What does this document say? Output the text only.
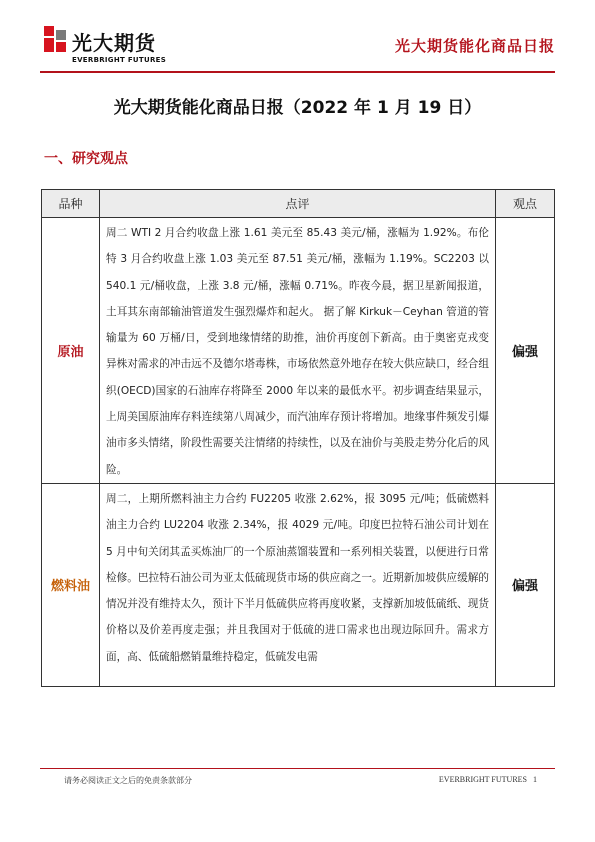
光大期货
EVERBRIGHT FUTURES
光大期货能化商品日报
光大期货能化商品日报（2022 年 1 月 19 日）
一、研究观点
品种	点评	观点
原油	周二 WTI 2 月合约收盘上涨 1.61 美元至 85.43 美元/桶，涨幅为 1.92%。布伦特 3 月合约收盘上涨 1.03 美元至 87.51 美元/桶，涨幅为 1.19%。SC2203 以 540.1 元/桶收盘，上涨 3.8 元/桶，涨幅 0.71%。昨夜今晨，据卫星新闻报道，土耳其东南部输油管道发生强烈爆炸和起火。 据了解 Kirkuk－Ceyhan 管道的管输量为 60 万桶/日，受到地缘情绪的助推，油价再度创下新高。由于奥密克戎变异株对需求的冲击远不及德尔塔毒株，市场依然意外地存在较大供应缺口，经合组织(OECD)国家的石油库存将降至 2000 年以来的最低水平。初步调查结果显示，上周美国原油库存料连续第八周减少，而汽油库存预计将增加。地缘事件频发引爆油市多头情绪，阶段性需要关注情绪的持续性，以及在油价与美股走势分化后的风险。	偏强
燃料油	周二，上期所燃料油主力合约 FU2205 收涨 2.62%，报 3095 元/吨；低硫燃料油主力合约 LU2204 收涨 2.34%，报 4029 元/吨。印度巴拉特石油公司计划在 5 月中旬关闭其孟买炼油厂的一个原油蒸馏装置和一系列相关装置，以便进行日常检修。巴拉特石油公司为亚太低硫现货市场的供应商之一。近期新加坡供应缓解的情况并没有维持太久，预计下半月低硫供应将再度收紧，支撑新加坡低硫纸、现货价格以及价差再度走强；并且我国对于低硫的进口需求也出现边际回升。需求方面，高、低硫船燃销量维持稳定，低硫发电需	偏强
请务必阅读正文之后的免责条款部分	EVERBRIGHT FUTURES 1
